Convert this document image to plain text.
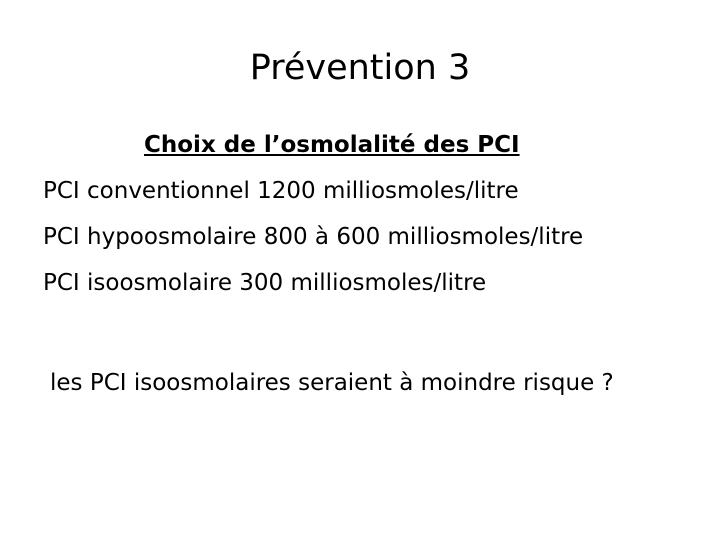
Prévention 3

Choix de l’osmolalité des PCI

PCI conventionnel 1200 milliosmoles/litre

PCI hypoosmolaire 800 à 600 milliosmoles/litre

PCI isoosmolaire 300 milliosmoles/litre

les PCI isoosmolaires seraient à moindre risque ?
